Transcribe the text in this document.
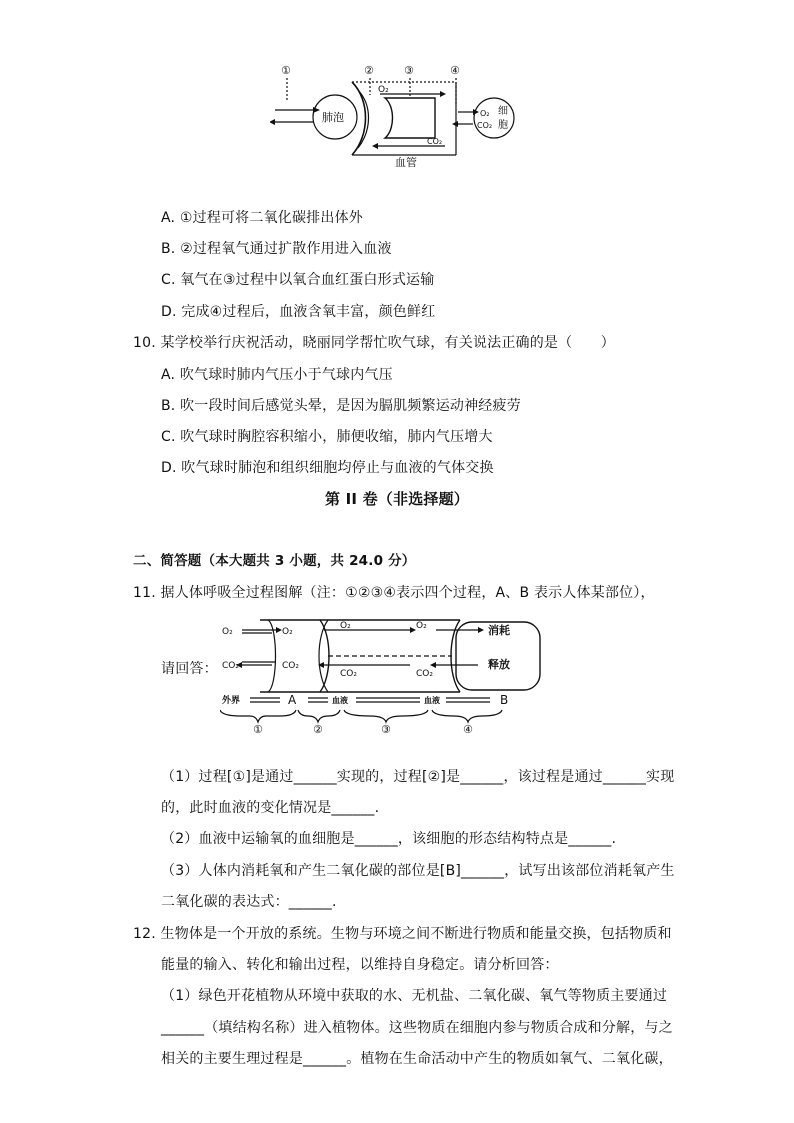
①	②	③	④
肺泡
O₂
CO₂
血管
O₂
CO₂
细
胞
A. ①过程可将二氧化碳排出体外
B. ②过程氧气通过扩散作用进入血液
C. 氧气在③过程中以氧合血红蛋白形式运输
D. 完成④过程后，血液含氧丰富，颜色鲜红
10. 某学校举行庆祝活动，晓丽同学帮忙吹气球，有关说法正确的是（　　）
A. 吹气球时肺内气压小于气球内气压
B. 吹一段时间后感觉头晕，是因为膈肌频繁运动神经疲劳
C. 吹气球时胸腔容积缩小，肺便收缩，肺内气压增大
D. 吹气球时肺泡和组织细胞均停止与血液的气体交换
第 II 卷（非选择题）
二、简答题（本大题共 3 小题，共 24.0 分）
11. 据人体呼吸全过程图解（注：①②③④表示四个过程，A、B 表示人体某部位），
请回答：
O₂
CO₂
O₂
CO₂
O₂	O₂
CO₂	CO₂
消耗
释放
外界	A	血液	血液	B
①	②	③	④
（1）过程[①]是通过______实现的，过程[②]是______，该过程是通过______实现
的，此时血液的变化情况是______.
（2）血液中运输氧的血细胞是______，该细胞的形态结构特点是______.
（3）人体内消耗氧和产生二氧化碳的部位是[B]______，试写出该部位消耗氧产生
二氧化碳的表达式：______.
12. 生物体是一个开放的系统。生物与环境之间不断进行物质和能量交换，包括物质和
能量的输入、转化和输出过程，以维持自身稳定。请分析回答：
（1）绿色开花植物从环境中获取的水、无机盐、二氧化碳、氧气等物质主要通过
______（填结构名称）进入植物体。这些物质在细胞内参与物质合成和分解，与之
相关的主要生理过程是______。植物在生命活动中产生的物质如氧气、二氧化碳，
